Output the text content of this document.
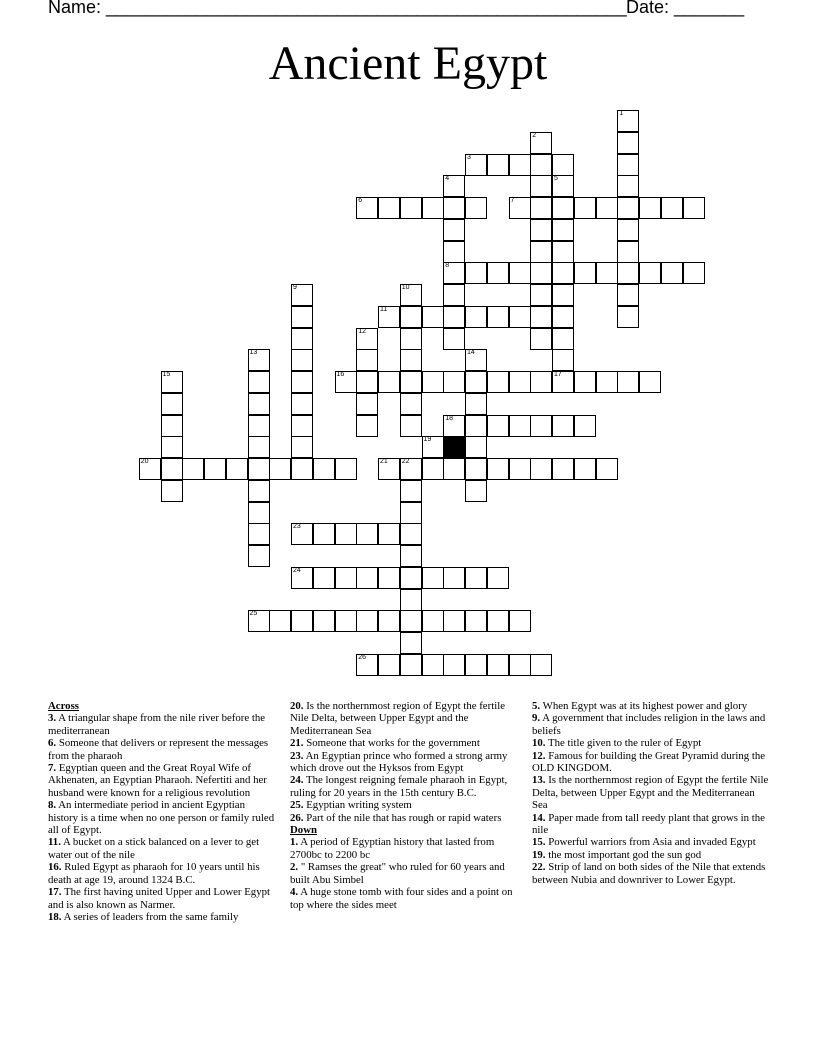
Name: ____________________________________________________ Date: _______
Ancient Egypt
1
2
3
4
8
5
6	7
9	10
11
12
13	14
15	16	17
18
19
20	21 22
23
24
25
26

Across

3. A triangular shape from the nile river before the mediterranean

6. Someone that delivers or represent the messages from the pharaoh

7. Egyptian queen and the Great Royal Wife of Akhenaten, an Egyptian Pharaoh. Nefertiti and her husband were known for a religious revolution

8. An intermediate period in ancient Egyptian history is a time when no one person or family ruled all of Egypt.

11. A bucket on a stick balanced on a lever to get water out of the nile

16. Ruled Egypt as pharaoh for 10 years until his death at age 19, around 1324 B.C.

17. The first having united Upper and Lower Egypt and is also known as Narmer.

18. A series of leaders from the same family

20. Is the northernmost region of Egypt the fertile Nile Delta, between Upper Egypt and the Mediterranean Sea

21. Someone that works for the government

23. An Egyptian prince who formed a strong army which drove out the Hyksos from Egypt

24. The longest reigning female pharaoh in Egypt, ruling for 20 years in the 15th century B.C.

25. Egyptian writing system

26. Part of the nile that has rough or rapid waters

Down

1. A period of Egyptian history that lasted from 2700bc to 2200 bc

2. " Ramses the great" who ruled for 60 years and built Abu Simbel

4. A huge stone tomb with four sides and a point on top where the sides meet

5. When Egypt was at its highest power and glory

9. A government that includes religion in the laws and beliefs

10. The title given to the ruler of Egypt

12. Famous for building the Great Pyramid during the OLD KINGDOM.

13. Is the northernmost region of Egypt the fertile Nile Delta, between Upper Egypt and the Mediterranean Sea

14. Paper made from tall reedy plant that grows in the nile

15. Powerful warriors from Asia and invaded Egypt

19. the most important god the sun god

22. Strip of land on both sides of the Nile that extends between Nubia and downriver to Lower Egypt.
